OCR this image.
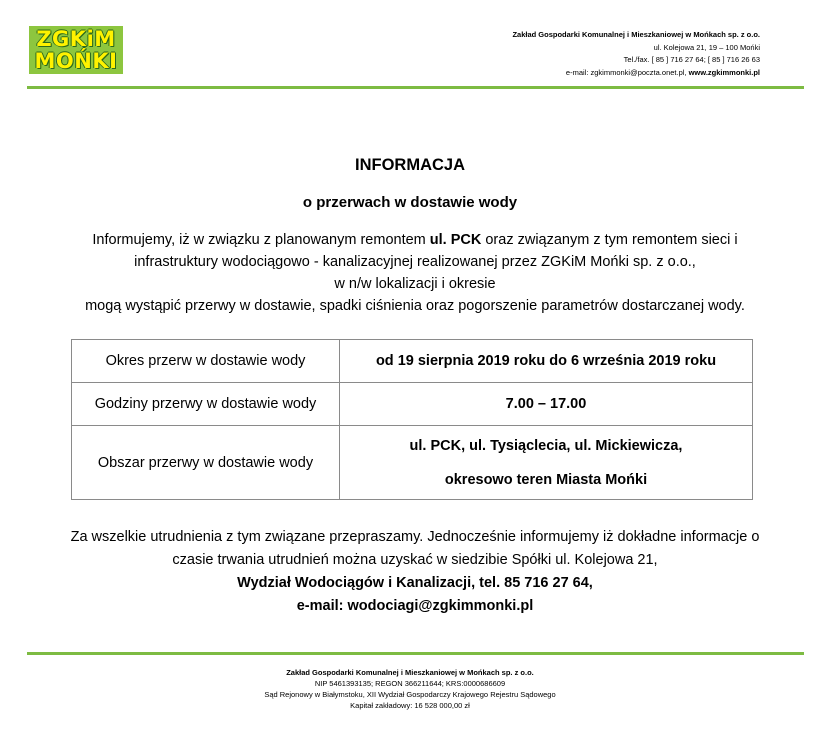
ZGKiM
MOŃKI
Zakład Gospodarki Komunalnej i Mieszkaniowej w Mońkach sp. z o.o.
ul. Kolejowa 21, 19 – 100 Mońki
Tel./fax. [ 85 ] 716 27 64; [ 85 ] 716 26 63
e-mail: zgkimmonki@poczta.onet.pl, www.zgkimmonki.pl
INFORMACJA
o przerwach w dostawie wody
Informujemy, iż w związku z planowanym remontem ul. PCK oraz związanym z tym remontem sieci i
infrastruktury wodociągowo - kanalizacyjnej realizowanej przez ZGKiM Mońki sp. z o.o.,
w n/w lokalizacji i okresie
mogą wystąpić przerwy w dostawie, spadki ciśnienia oraz pogorszenie parametrów dostarczanej wody.
Okres przerw w dostawie wody	od 19 sierpnia 2019 roku do 6 września 2019 roku
Godziny przerwy w dostawie wody	7.00 – 17.00
Obszar przerwy w dostawie wody	ul. PCK, ul. Tysiąclecia, ul. Mickiewicza,
okresowo teren Miasta Mońki
Za wszelkie utrudnienia z tym związane przepraszamy. Jednocześnie informujemy iż dokładne informacje o
czasie trwania utrudnień można uzyskać w siedzibie Spółki ul. Kolejowa 21,
Wydział Wodociągów i Kanalizacji, tel. 85 716 27 64,
e-mail: wodociagi@zgkimmonki.pl
Zakład Gospodarki Komunalnej i Mieszkaniowej w Mońkach sp. z o.o.
NIP 5461393135; REGON 366211644; KRS:0000686609
Sąd Rejonowy w Białymstoku, XII Wydział Gospodarczy Krajowego Rejestru Sądowego
Kapitał zakładowy: 16 528 000,00 zł
